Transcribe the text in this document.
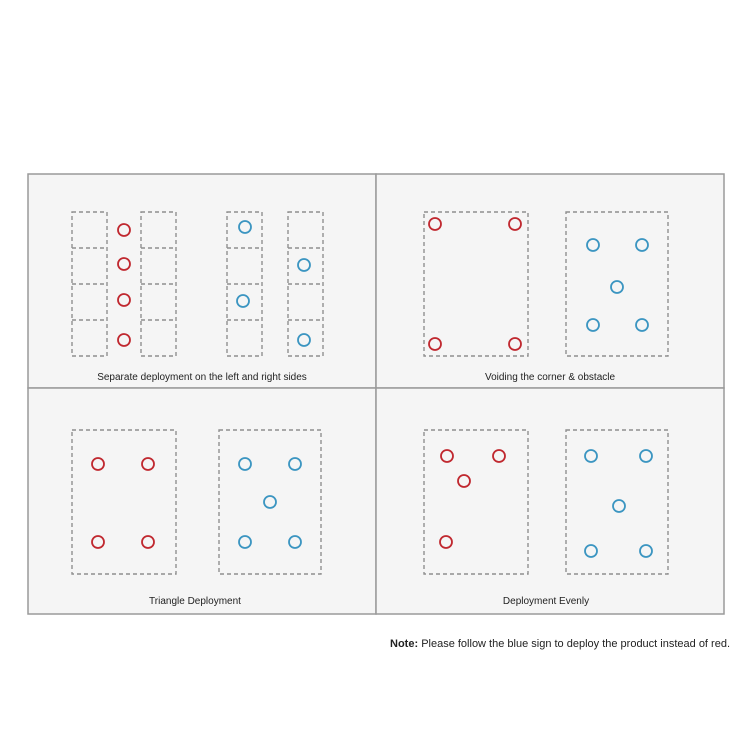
Separate deployment on the left and right sides	Voiding the corner & obstacle
Triangle Deployment	Deployment Evenly
Note: Please follow the blue sign to deploy the product instead of red.
